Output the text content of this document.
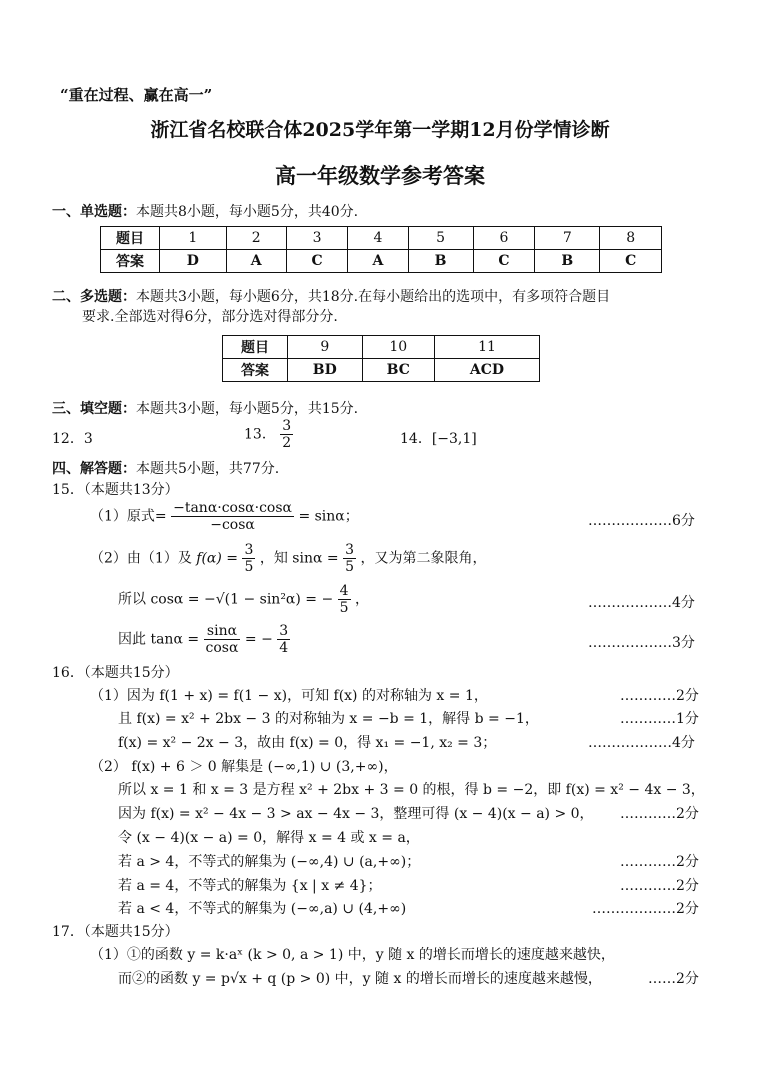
“重在过程、赢在高一”
浙江省名校联合体2025学年第一学期12月份学情诊断
高一年级数学参考答案
一、单选题：本题共8小题，每小题5分，共40分.
题目	1	2	3	4	5	6	7	8
答案	D	A	C	A	B	C	B	C
二、多选题：本题共3小题，每小题6分，共18分.在每小题给出的选项中，有多项符合题目
要求.全部选对得6分，部分选对得部分分.
题目	9	10	11
答案	BD	BC	ACD
三、填空题：本题共3小题，每小题5分，共15分.
12．3	13． $\frac{3}{2}$	14．[−3,1]
四、解答题：本题共5小题，共77分.
15．（本题共13分）
（1）原式= $\frac{-\tan\alpha\cdot\cos\alpha\cdot\cos\alpha}{-\cos\alpha} = \sin\alpha$；	………………6分
（2）由（1）及 $f(\alpha) = \frac{3}{5}$ ，知 $\sin\alpha = \frac{3}{5}$ ，又为第二象限角，
所以 cosα = −√(1 − sin²α) = − $\frac{4}{5}$ ，	………………4分
因此 $\tan\alpha = \frac{\sin\alpha}{\cos\alpha}$ = − $\frac{3}{4}$	………………3分
16．（本题共15分）
（1）因为 f(1 + x) = f(1 − x)，可知 f(x) 的对称轴为 x = 1，	…………2分
且 f(x) = x² + 2bx − 3 的对称轴为 x = −b = 1，解得 b = −1，	…………1分
f(x) = x² − 2x − 3，故由 f(x) = 0，得 x₁ = −1, x₂ = 3；	………………4分
（2） f(x) + 6 ＞ 0 解集是 (−∞,1) ∪ (3,+∞)，
所以 x = 1 和 x = 3 是方程 x² + 2bx + 3 = 0 的根，得 b = −2，即 f(x) = x² − 4x − 3，
因为 f(x) = x² − 4x − 3 > ax − 4x − 3，整理可得 (x − 4)(x − a) > 0， …………2分
令 (x − 4)(x − a) = 0，解得 x = 4 或 x = a，
若 a > 4，不等式的解集为 (−∞,4) ∪ (a,+∞)；	…………2分
若 a = 4，不等式的解集为 {x | x ≠ 4}；	…………2分
若 a < 4，不等式的解集为 (−∞,a) ∪ (4,+∞)	………………2分
17．（本题共15分）
（1）①的函数 y = k·aˣ (k > 0, a > 1) 中，y 随 x 的增长而增长的速度越来越快，
而②的函数 y = p√x + q (p > 0) 中，y 随 x 的增长而增长的速度越来越慢，	……2分
